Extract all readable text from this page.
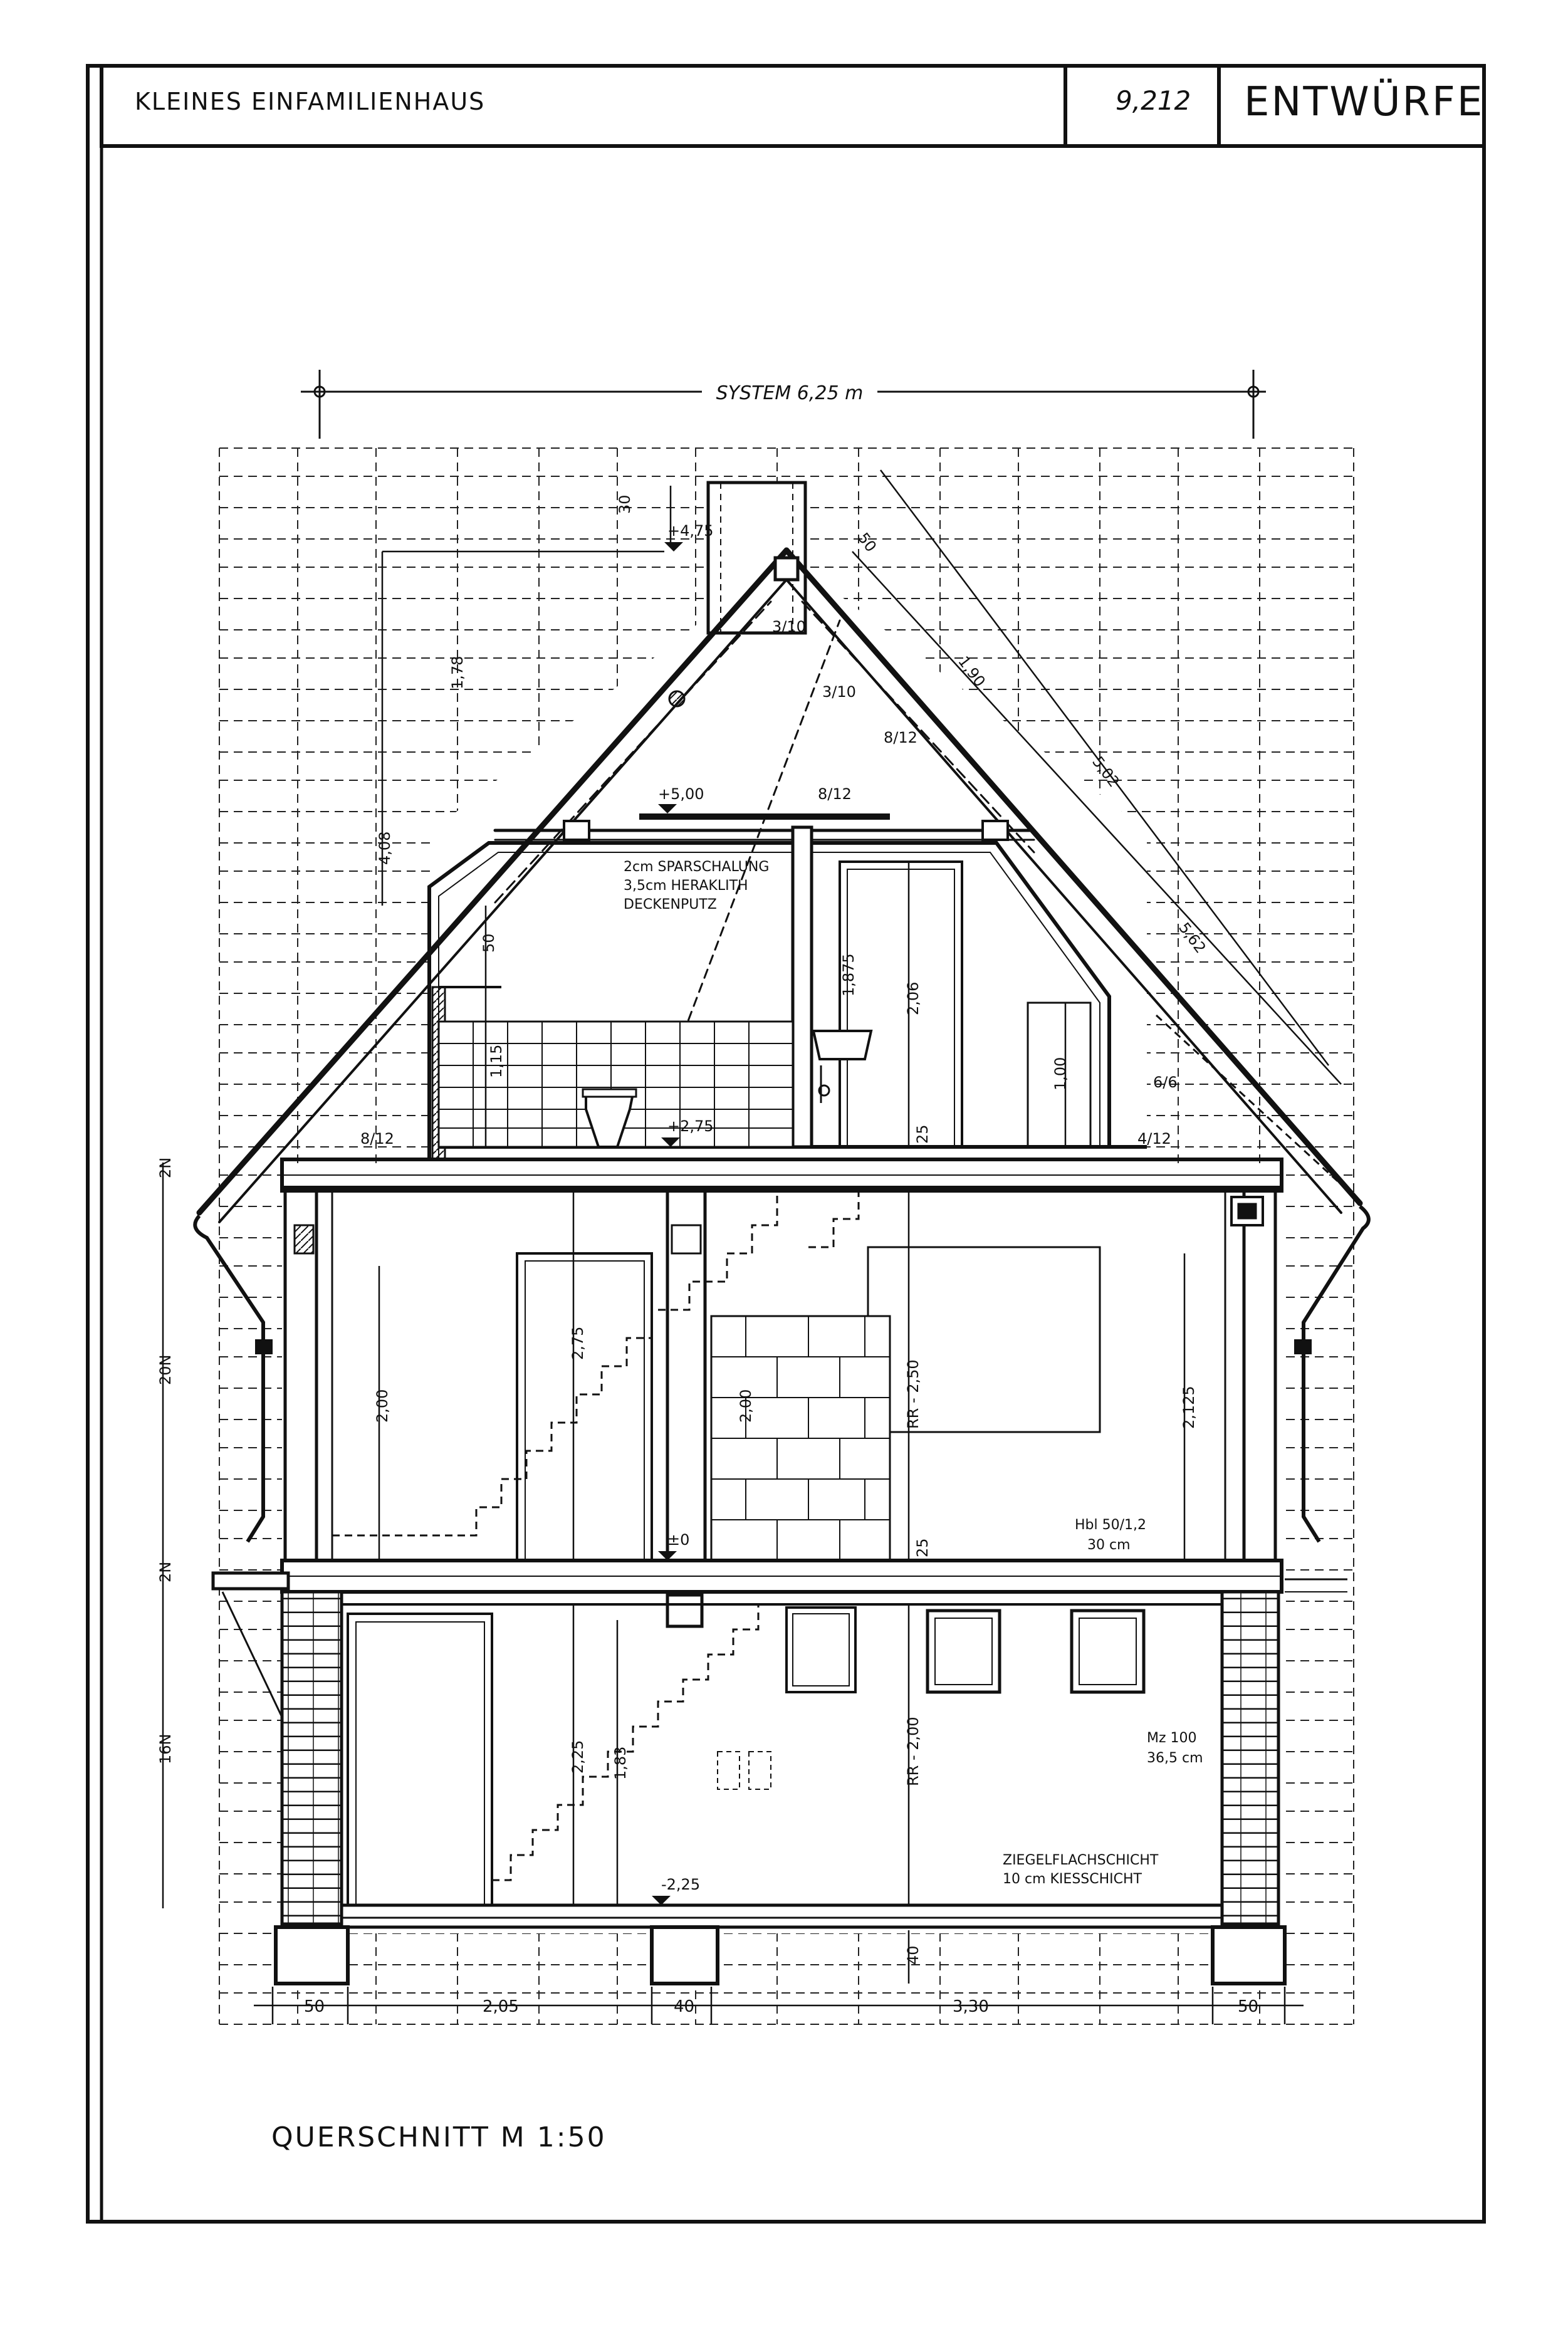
SYSTEM 6,25 m
+4,75
+5,00
+2,75
±0
-2,25
2N
20N
2N
16N
30
1,78
4,08
50
1,15
2,06
1,875
1,00
25
2,75
2,00	RR - 2,50	2,125
2,00
25
2,25 1,83	RR - 2,00
40
50
1,90
5,02
5,62
3/10
3/10
8/12
8/12
8/12
6/6
4/12
2cm SPARSCHALUNG
3,5cm HERAKLITH
DECKENPUTZ
Hbl 50/1,2
30 cm
Mz 100
36,5 cm
ZIEGELFLACHSCHICHT
10 cm KIESSCHICHT
50	2,05	40	3,30	50
KLEINES EINFAMILIENHAUS	9,212 ENTWÜRFE
QUERSCHNITT M 1:50
